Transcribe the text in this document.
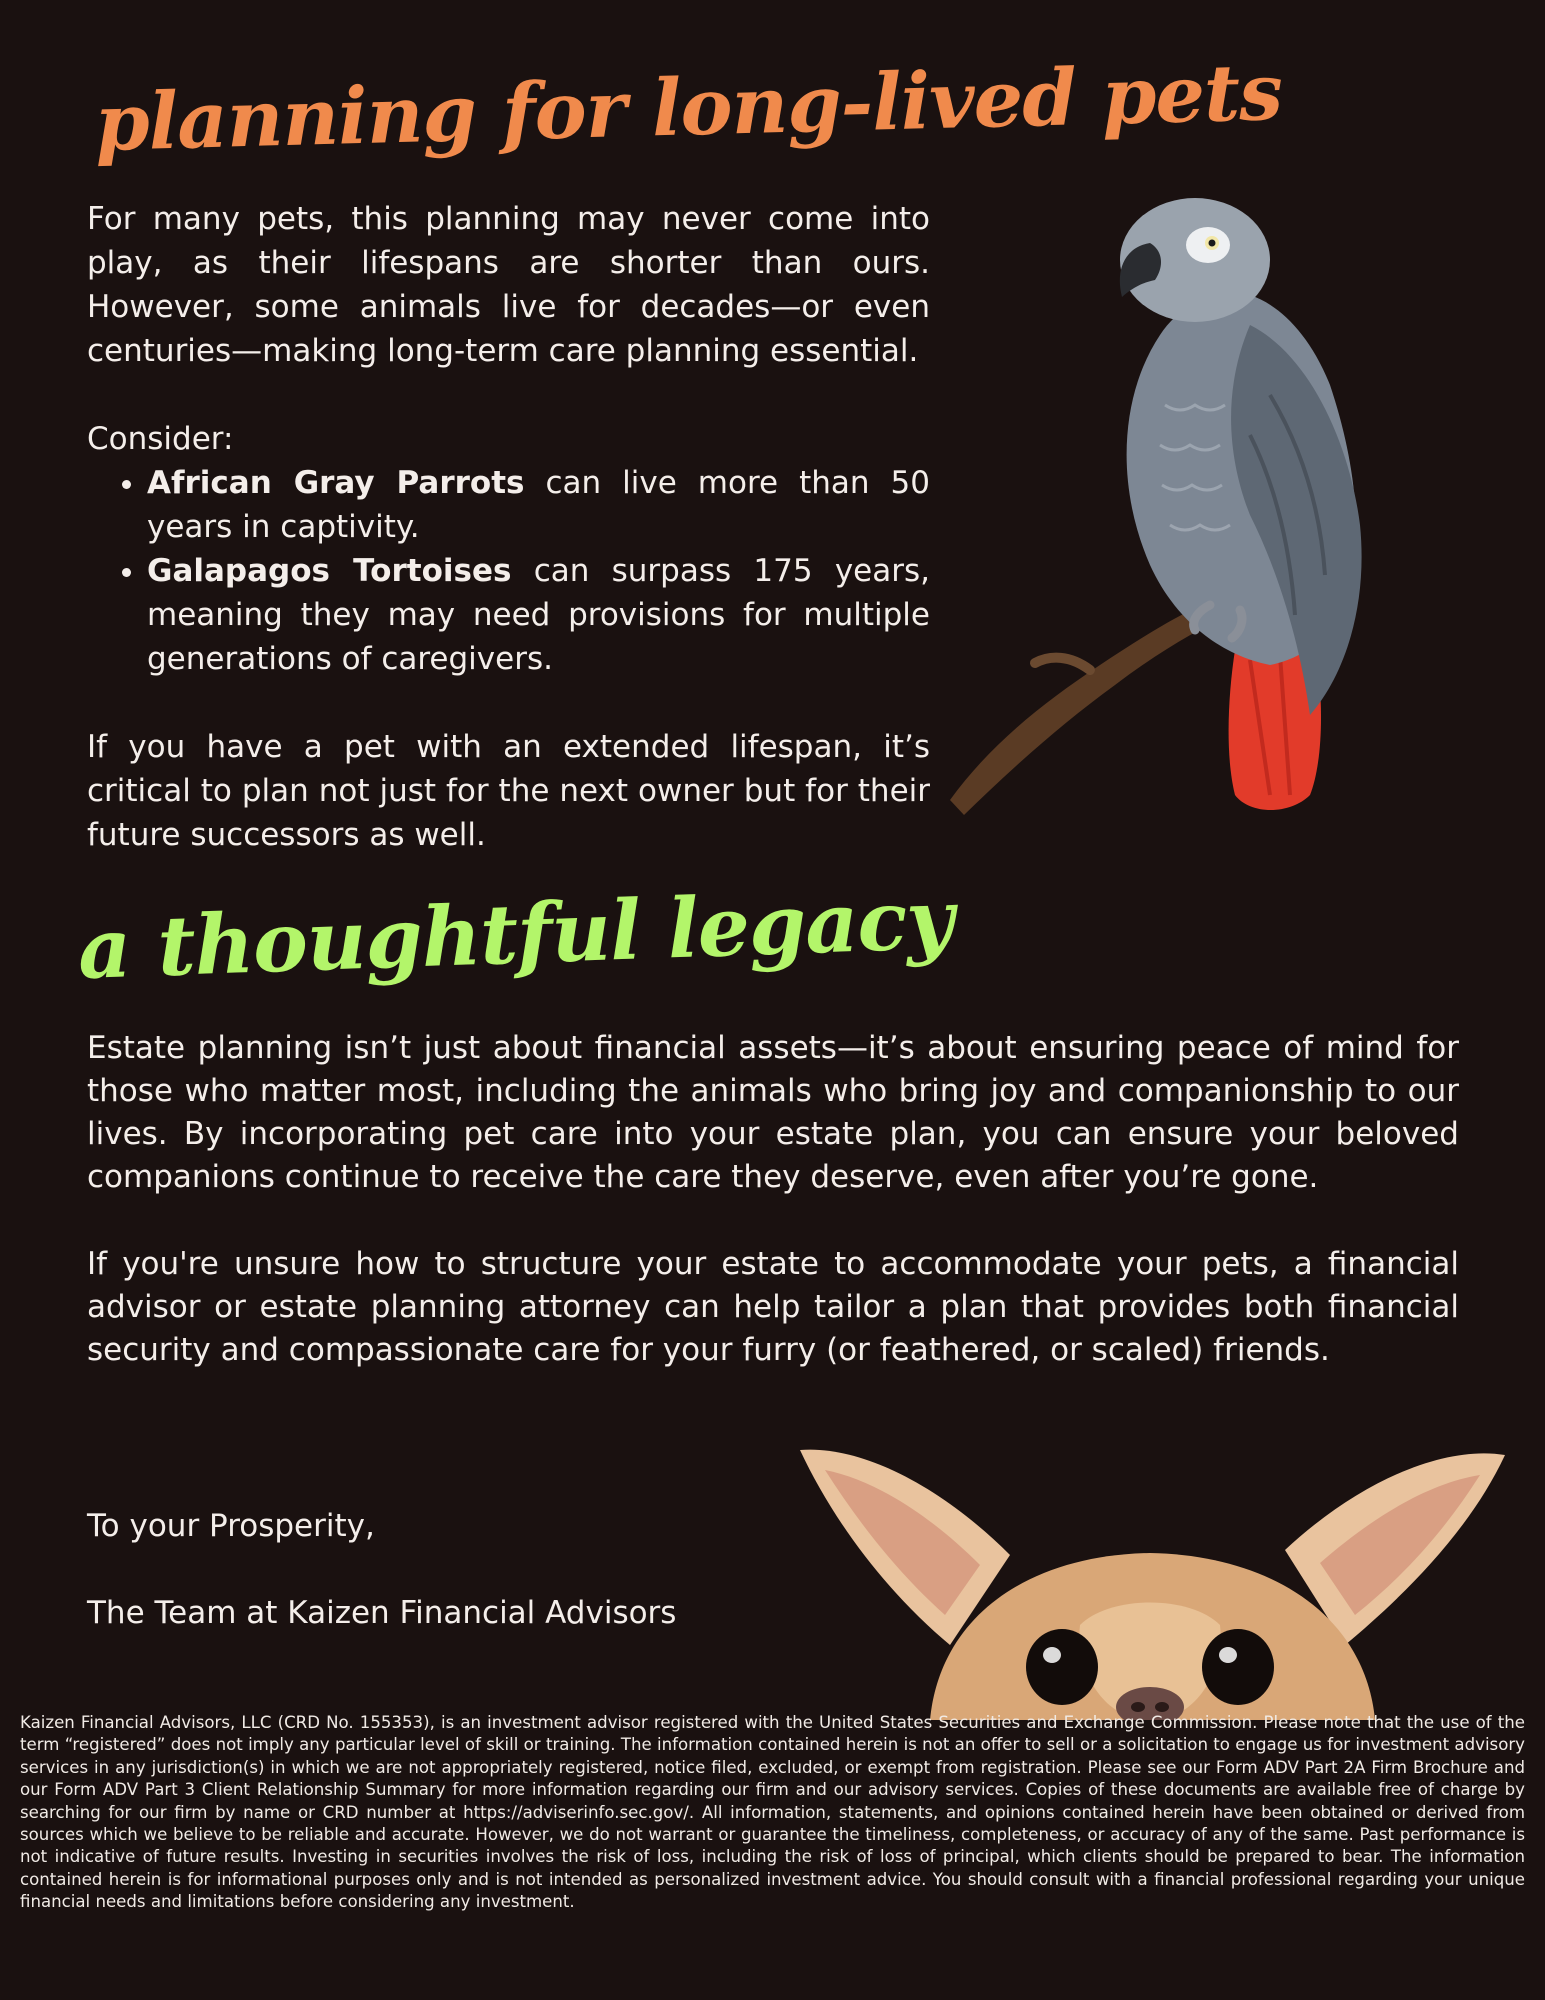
planning for long-lived pets

For many pets, this planning may never come into play, as their lifespans are shorter than ours. However, some animals live for decades—or even centuries—making long-term care planning essential.

Consider:

• African Gray Parrots can live more than 50 years in captivity.
• Galapagos Tortoises can surpass 175 years, meaning they may need provisions for multiple generations of caregivers.

If you have a pet with an extended lifespan, it’s critical to plan not just for the next owner but for their future successors as well.

a thoughtful legacy

Estate planning isn’t just about financial assets—it’s about ensuring peace of mind for those who matter most, including the animals who bring joy and companionship to our lives. By incorporating pet care into your estate plan, you can ensure your beloved companions continue to receive the care they deserve, even after you’re gone.

If you're unsure how to structure your estate to accommodate your pets, a financial advisor or estate planning attorney can help tailor a plan that provides both financial security and compassionate care for your furry (or feathered, or scaled) friends.

To your Prosperity,

The Team at Kaizen Financial Advisors

Kaizen Financial Advisors, LLC (CRD No. 155353), is an investment advisor registered with the United States Securities and Exchange Commission. Please note that the use of the term “registered” does not imply any particular level of skill or training. The information contained herein is not an offer to sell or a solicitation to engage us for investment advisory services in any jurisdiction(s) in which we are not appropriately registered, notice filed, excluded, or exempt from registration. Please see our Form ADV Part 2A Firm Brochure and our Form ADV Part 3 Client Relationship Summary for more information regarding our firm and our advisory services. Copies of these documents are available free of charge by searching for our firm by name or CRD number at https://adviserinfo.sec.gov/. All information, statements, and opinions contained herein have been obtained or derived from sources which we believe to be reliable and accurate. However, we do not warrant or guarantee the timeliness, completeness, or accuracy of any of the same. Past performance is not indicative of future results. Investing in securities involves the risk of loss, including the risk of loss of principal, which clients should be prepared to bear. The information contained herein is for informational purposes only and is not intended as personalized investment advice. You should consult with a financial professional regarding your unique financial needs and limitations before considering any investment.
